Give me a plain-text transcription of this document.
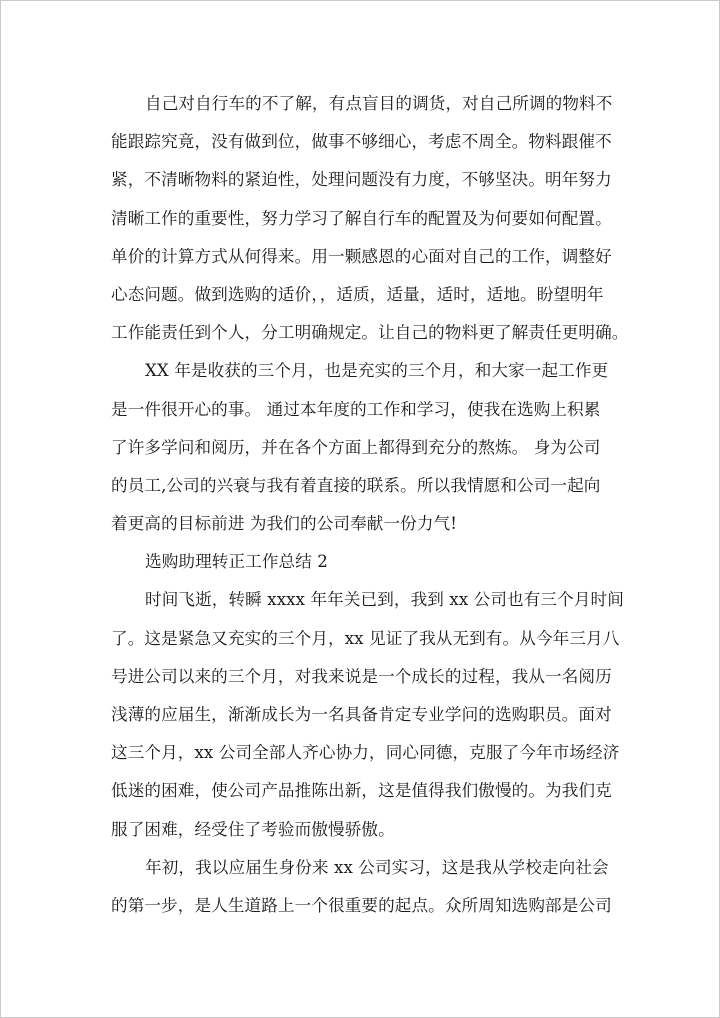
自己对自行车的不了解，有点盲目的调货，对自己所调的物料不
能跟踪究竟，没有做到位，做事不够细心，考虑不周全。物料跟催不
紧，不清晰物料的紧迫性，处理问题没有力度，不够坚决。明年努力
清晰工作的重要性，努力学习了解自行车的配置及为何要如何配置。
单价的计算方式从何得来。用一颗感恩的心面对自己的工作，调整好
心态问题。做到选购的适价，，适质，适量，适时，适地。盼望明年
工作能责任到个人，分工明确规定。让自己的物料更了解责任更明确。
XX 年是收获的三个月，也是充实的三个月，和大家一起工作更
是一件很开心的事。 通过本年度的工作和学习，使我在选购上积累
了许多学问和阅历，并在各个方面上都得到充分的熬炼。 身为公司
的员工,公司的兴衰与我有着直接的联系。所以我情愿和公司一起向
着更高的目标前进 为我们的公司奉献一份力气!
选购助理转正工作总结 2
时间飞逝，转瞬 xxxx 年年关已到，我到 xx 公司也有三个月时间
了。这是紧急又充实的三个月，xx 见证了我从无到有。从今年三月八
号进公司以来的三个月，对我来说是一个成长的过程，我从一名阅历
浅薄的应届生，渐渐成长为一名具备肯定专业学问的选购职员。面对
这三个月，xx 公司全部人齐心协力，同心同德，克服了今年市场经济
低迷的困难，使公司产品推陈出新，这是值得我们傲慢的。为我们克
服了困难，经受住了考验而傲慢骄傲。
年初，我以应届生身份来 xx 公司实习，这是我从学校走向社会
的第一步，是人生道路上一个很重要的起点。众所周知选购部是公司
